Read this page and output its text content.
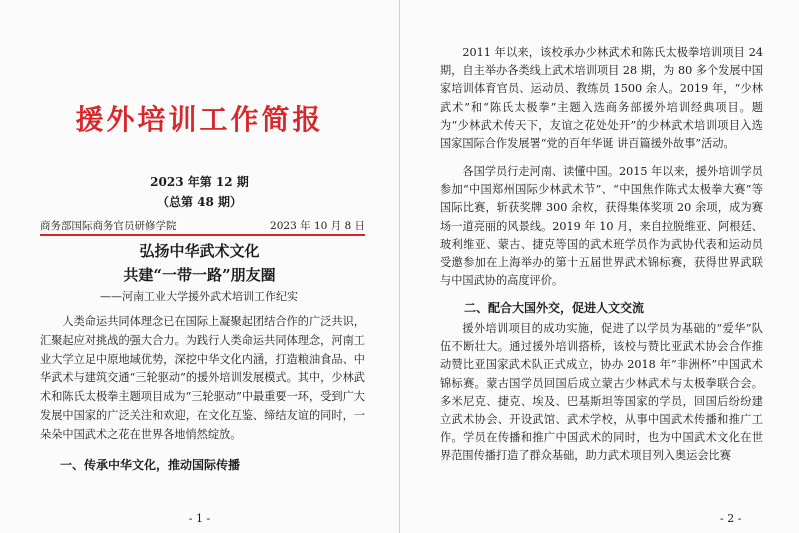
援外培训工作简报
2023 年第 12 期
（总第 48 期）
商务部国际商务官员研修学院	2023 年 10 月 8 日
弘扬中华武术文化
共建“一带一路”朋友圈
——河南工业大学援外武术培训工作纪实
人类命运共同体理念已在国际上凝聚起团结合作的广泛共识，汇聚起应对挑战的强大合力。为践行人类命运共同体理念，河南工业大学立足中原地域优势，深挖中华文化内涵，打造粮油食品、中华武术与建筑交通“三轮驱动”的援外培训发展模式。其中，少林武术和陈氏太极拳主题项目成为“三轮驱动”中最重要一环，受到广大发展中国家的广泛关注和欢迎，在文化互鉴、缔结友谊的同时，一朵朵中国武术之花在世界各地悄然绽放。
一、传承中华文化，推动国际传播
- 1 -

2011 年以来，该校承办少林武术和陈氏太极拳培训项目 24 期，自主举办各类线上武术培训项目 28 期，为 80 多个发展中国家培训体育官员、运动员、教练员 1500 余人。2019 年，“少林武术”和“陈氏太极拳”主题入选商务部援外培训经典项目。题为“少林武术传天下，友谊之花处处开”的少林武术培训项目入选国家国际合作发展署“党的百年华诞 讲百篇援外故事”活动。

各国学员行走河南、读懂中国。2015 年以来，援外培训学员参加“中国郑州国际少林武术节”、“中国焦作陈式太极拳大赛”等国际比赛，斩获奖牌 300 余枚，获得集体奖项 20 余项，成为赛场一道亮丽的风景线。2019 年 10 月，来自拉脱维亚、阿根廷、玻利维亚、蒙古、捷克等国的武术班学员作为武协代表和运动员受邀参加在上海举办的第十五届世界武术锦标赛，获得世界武联与中国武协的高度评价。

二、配合大国外交，促进人文交流

援外培训项目的成功实施，促进了以学员为基础的“爱华”队伍不断壮大。通过援外培训搭桥，该校与赞比亚武术协会合作推动赞比亚国家武术队正式成立，协办 2018 年“非洲杯”中国武术锦标赛。蒙古国学员回国后成立蒙古少林武术与太极拳联合会。多米尼克、捷克、埃及、巴基斯坦等国家的学员，回国后纷纷建立武术协会、开设武馆、武术学校，从事中国武术传播和推广工作。学员在传播和推广中国武术的同时，也为中国武术文化在世界范围传播打造了群众基础，助力武术项目列入奥运会比赛

- 2 -
